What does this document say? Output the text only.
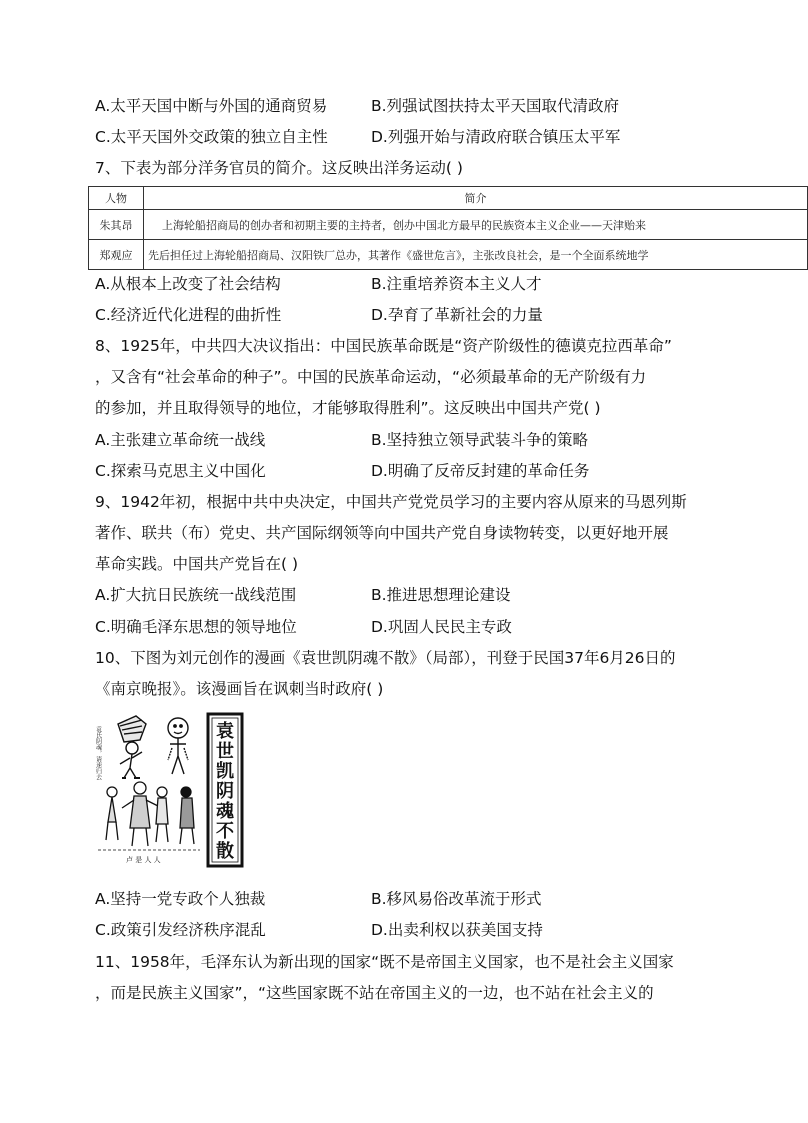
A.太平天国中断与外国的通商贸易	B.列强试图扶持太平天国取代清政府
C.太平天国外交政策的独立自主性	D.列强开始与清政府联合镇压太平军
7、下表为部分洋务官员的简介。这反映出洋务运动( )
人物	简介
朱其昂	上海轮船招商局的创办者和初期主要的主持者，创办中国北方最早的民族资本主义企业——天津贻来
郑观应	先后担任过上海轮船招商局、汉阳铁厂总办，其著作《盛世危言》，主张改良社会，是一个全面系统地学
A.从根本上改变了社会结构	B.注重培养资本主义人才
C.经济近代化进程的曲折性	D.孕育了革新社会的力量
8、1925年，中共四大决议指出：中国民族革命既是“资产阶级性的德谟克拉西革命”
，又含有“社会革命的种子”。中国的民族革命运动，“必须最革命的无产阶级有力
的参加，并且取得领导的地位，才能够取得胜利”。这反映出中国共产党( )
A.主张建立革命统一战线	B.坚持独立领导武装斗争的策略
C.探索马克思主义中国化	D.明确了反帝反封建的革命任务
9、1942年初，根据中共中央决定，中国共产党党员学习的主要内容从原来的马恩列斯
著作、联共（布）党史、共产国际纲领等向中国共产党自身读物转变，以更好地开展
革命实践。中国共产党旨在( )
A.扩大抗日民族统一战线范围	B.推进思想理论建设
C.明确毛泽东思想的领导地位	D.巩固人民民主专政
10、下图为刘元创作的漫画《袁世凯阴魂不散》（局部），刊登于民国37年6月26日的
《南京晚报》。该漫画旨在讽刺当时政府( )
袁氏阴魂，请速归去
卢 是 人 人
袁
世
凯
阴
魂
不
散
A.坚持一党专政个人独裁	B.移风易俗改革流于形式
C.政策引发经济秩序混乱	D.出卖利权以获美国支持
11、1958年，毛泽东认为新出现的国家“既不是帝国主义国家，也不是社会主义国家
，而是民族主义国家”，“这些国家既不站在帝国主义的一边，也不站在社会主义的
